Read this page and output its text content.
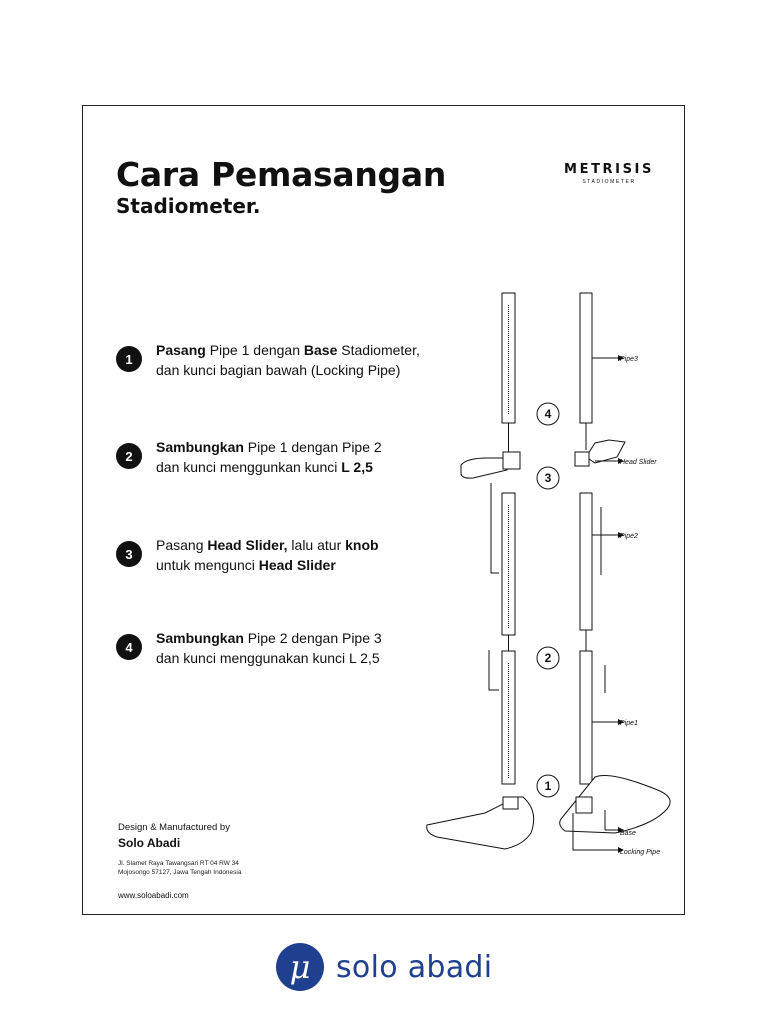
Cara Pemasangan
Stadiometer.
METRISIS
STADIOMETER
1
Pasang Pipe 1 dengan Base Stadiometer,
dan kunci bagian bawah (Locking Pipe)
2
Sambungkan Pipe 1 dengan Pipe 2
dan kunci menggunkan kunci L 2,5
3
Pasang Head Slider, lalu atur knob
untuk mengunci Head Slider
4
Sambungkan Pipe 2 dengan Pipe 3
dan kunci menggunakan kunci L 2,5
Pipe3
Head Slider
Pipe2
Pipe1
Base
Locking Pipe
4
3
2
1
Design & Manufactured by
Solo Abadi
Jl. Slamet Raya Tawangsari RT 04 RW 34
Mojosongo 57127, Jawa Tengah Indonesia
www.soloabadi.com
μ solo abadi
